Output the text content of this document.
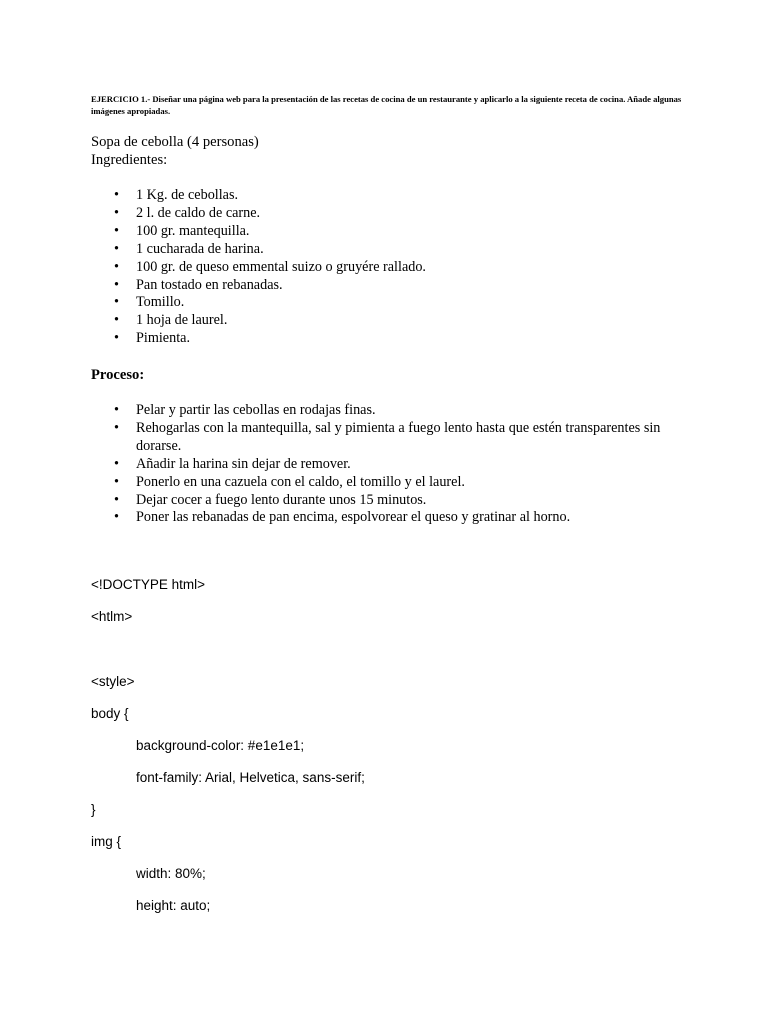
EJERCICIO 1.- Diseñar una página web para la presentación de las recetas de cocina de un restaurante y aplicarlo a la siguiente receta de cocina. Añade algunas imágenes apropiadas.
Sopa de cebolla (4 personas)
Ingredientes:
• 1 Kg. de cebollas.
• 2 l. de caldo de carne.
• 100 gr. mantequilla.
• 1 cucharada de harina.
• 100 gr. de queso emmental suizo o gruyére rallado.
• Pan tostado en rebanadas.
• Tomillo.
• 1 hoja de laurel.
• Pimienta.
Proceso:
• Pelar y partir las cebollas en rodajas finas.
• Rehogarlas con la mantequilla, sal y pimienta a fuego lento hasta que estén transparentes sin dorarse.
• Añadir la harina sin dejar de remover.
• Ponerlo en una cazuela con el caldo, el tomillo y el laurel.
• Dejar cocer a fuego lento durante unos 15 minutos.
• Poner las rebanadas de pan encima, espolvorear el queso y gratinar al horno.
<!DOCTYPE html>
<htlm>
<style>
body {
background-color: #e1e1e1;
font-family: Arial, Helvetica, sans-serif;
}
img {
width: 80%;
height: auto;
